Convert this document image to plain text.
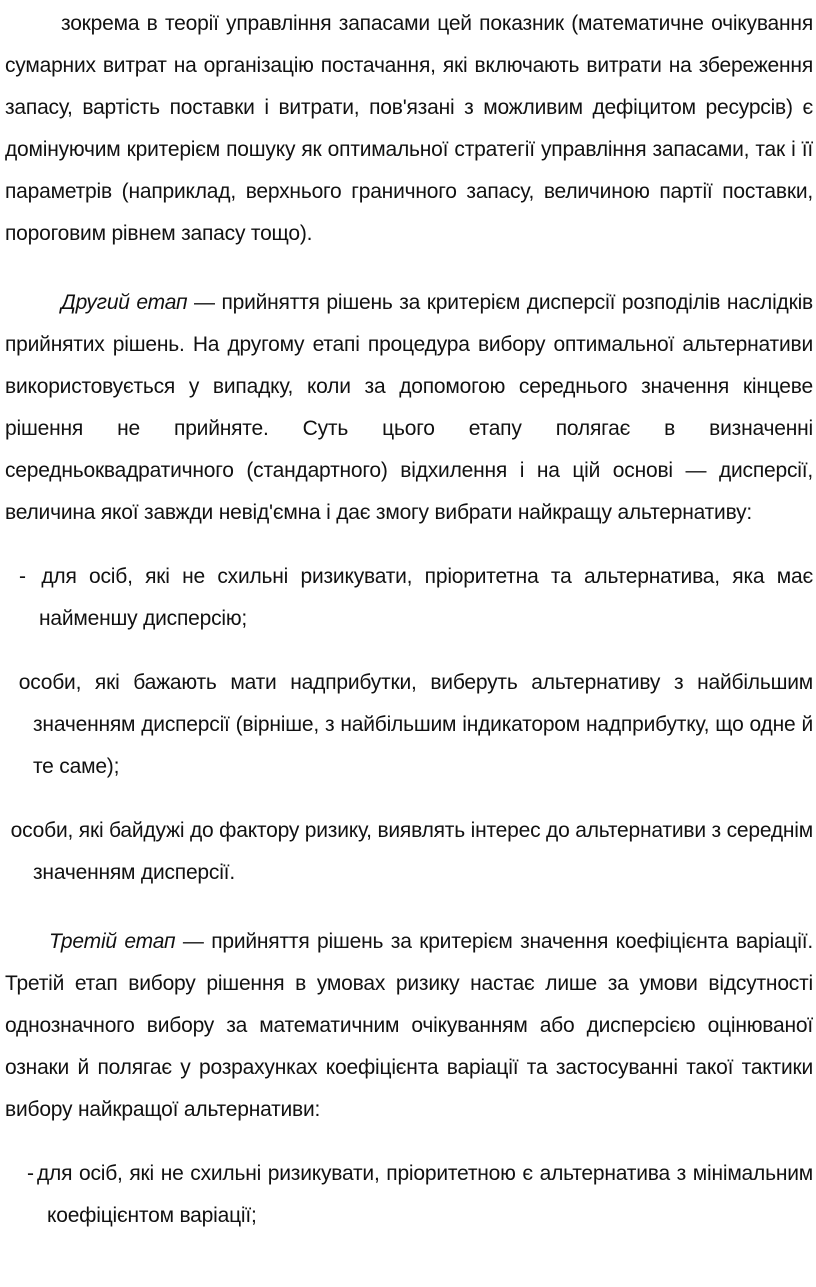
зокрема в теорії управління запасами цей показник (математичне очікування сумарних витрат на організацію постачання, які включають витрати на збереження запасу, вартість поставки і витрати, пов'язані з можливим дефіцитом ресурсів) є домінуючим критерієм пошуку як оптимальної стратегії управління запасами, так і її параметрів (наприклад, верхнього граничного запасу, величиною партії поставки, пороговим рівнем запасу тощо).

Другий етап — прийняття рішень за критерієм дисперсії розподілів наслідків прийнятих рішень. На другому етапі процедура вибору оптимальної альтернативи використовується у випадку, коли за допомогою середнього значення кінцеве рішення не прийняте. Суть цього етапу полягає в визначенні середньоквадратичного (стандартного) відхилення і на цій основі — дисперсії, величина якої завжди невід'ємна і дає змогу вибрати найкращу альтернативу:

- для осіб, які не схильні ризикувати, пріоритетна та альтернатива, яка має найменшу дисперсію;

особи, які бажають мати надприбутки, виберуть альтернативу з найбільшим значенням дисперсії (вірніше, з найбільшим індикатором надприбутку, що одне й те саме);

особи, які байдужі до фактору ризику, виявлять інтерес до альтернативи з середнім значенням дисперсії.

Третій етап — прийняття рішень за критерієм значення коефіцієнта варіації. Третій етап вибору рішення в умовах ризику настає лише за умови відсутності однозначного вибору за математичним очікуванням або дисперсією оцінюваної ознаки й полягає у розрахунках коефіцієнта варіації та застосуванні такої тактики вибору найкращої альтернативи:

- для осіб, які не схильні ризикувати, пріоритетною є альтернатива з мінімальним коефіцієнтом варіації;
